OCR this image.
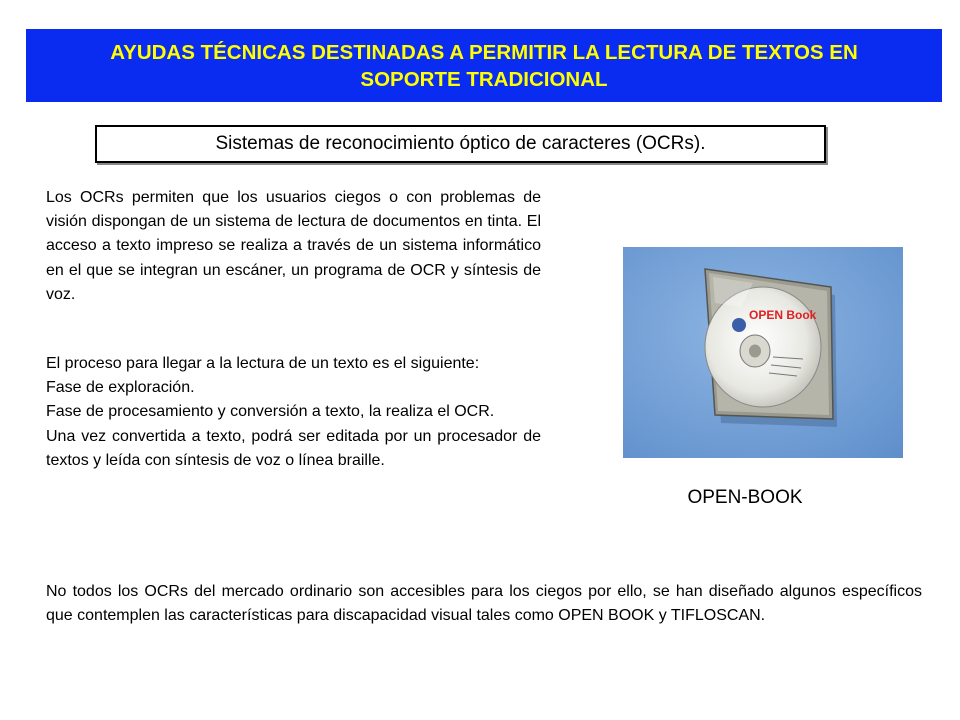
AYUDAS TÉCNICAS DESTINADAS A PERMITIR LA LECTURA DE TEXTOS EN
SOPORTE TRADICIONAL
Sistemas de reconocimiento óptico de caracteres (OCRs).
Los OCRs permiten que los usuarios ciegos o con problemas de visión dispongan de un sistema de lectura de documentos en tinta. El acceso a texto impreso se realiza a través de un sistema informático en el que se integran un escáner, un programa de OCR y síntesis de voz.
El proceso para llegar a la lectura de un texto es el siguiente:
Fase de exploración.
Fase de procesamiento y conversión a texto, la realiza el OCR.
Una vez convertida a texto, podrá ser editada por un procesador de textos y leída con síntesis de voz o línea braille.
OPEN Book
OPEN-BOOK
No todos los OCRs del mercado ordinario son accesibles para los ciegos por ello, se han diseñado algunos específicos que contemplen las características para discapacidad visual tales como OPEN BOOK y TIFLOSCAN.
